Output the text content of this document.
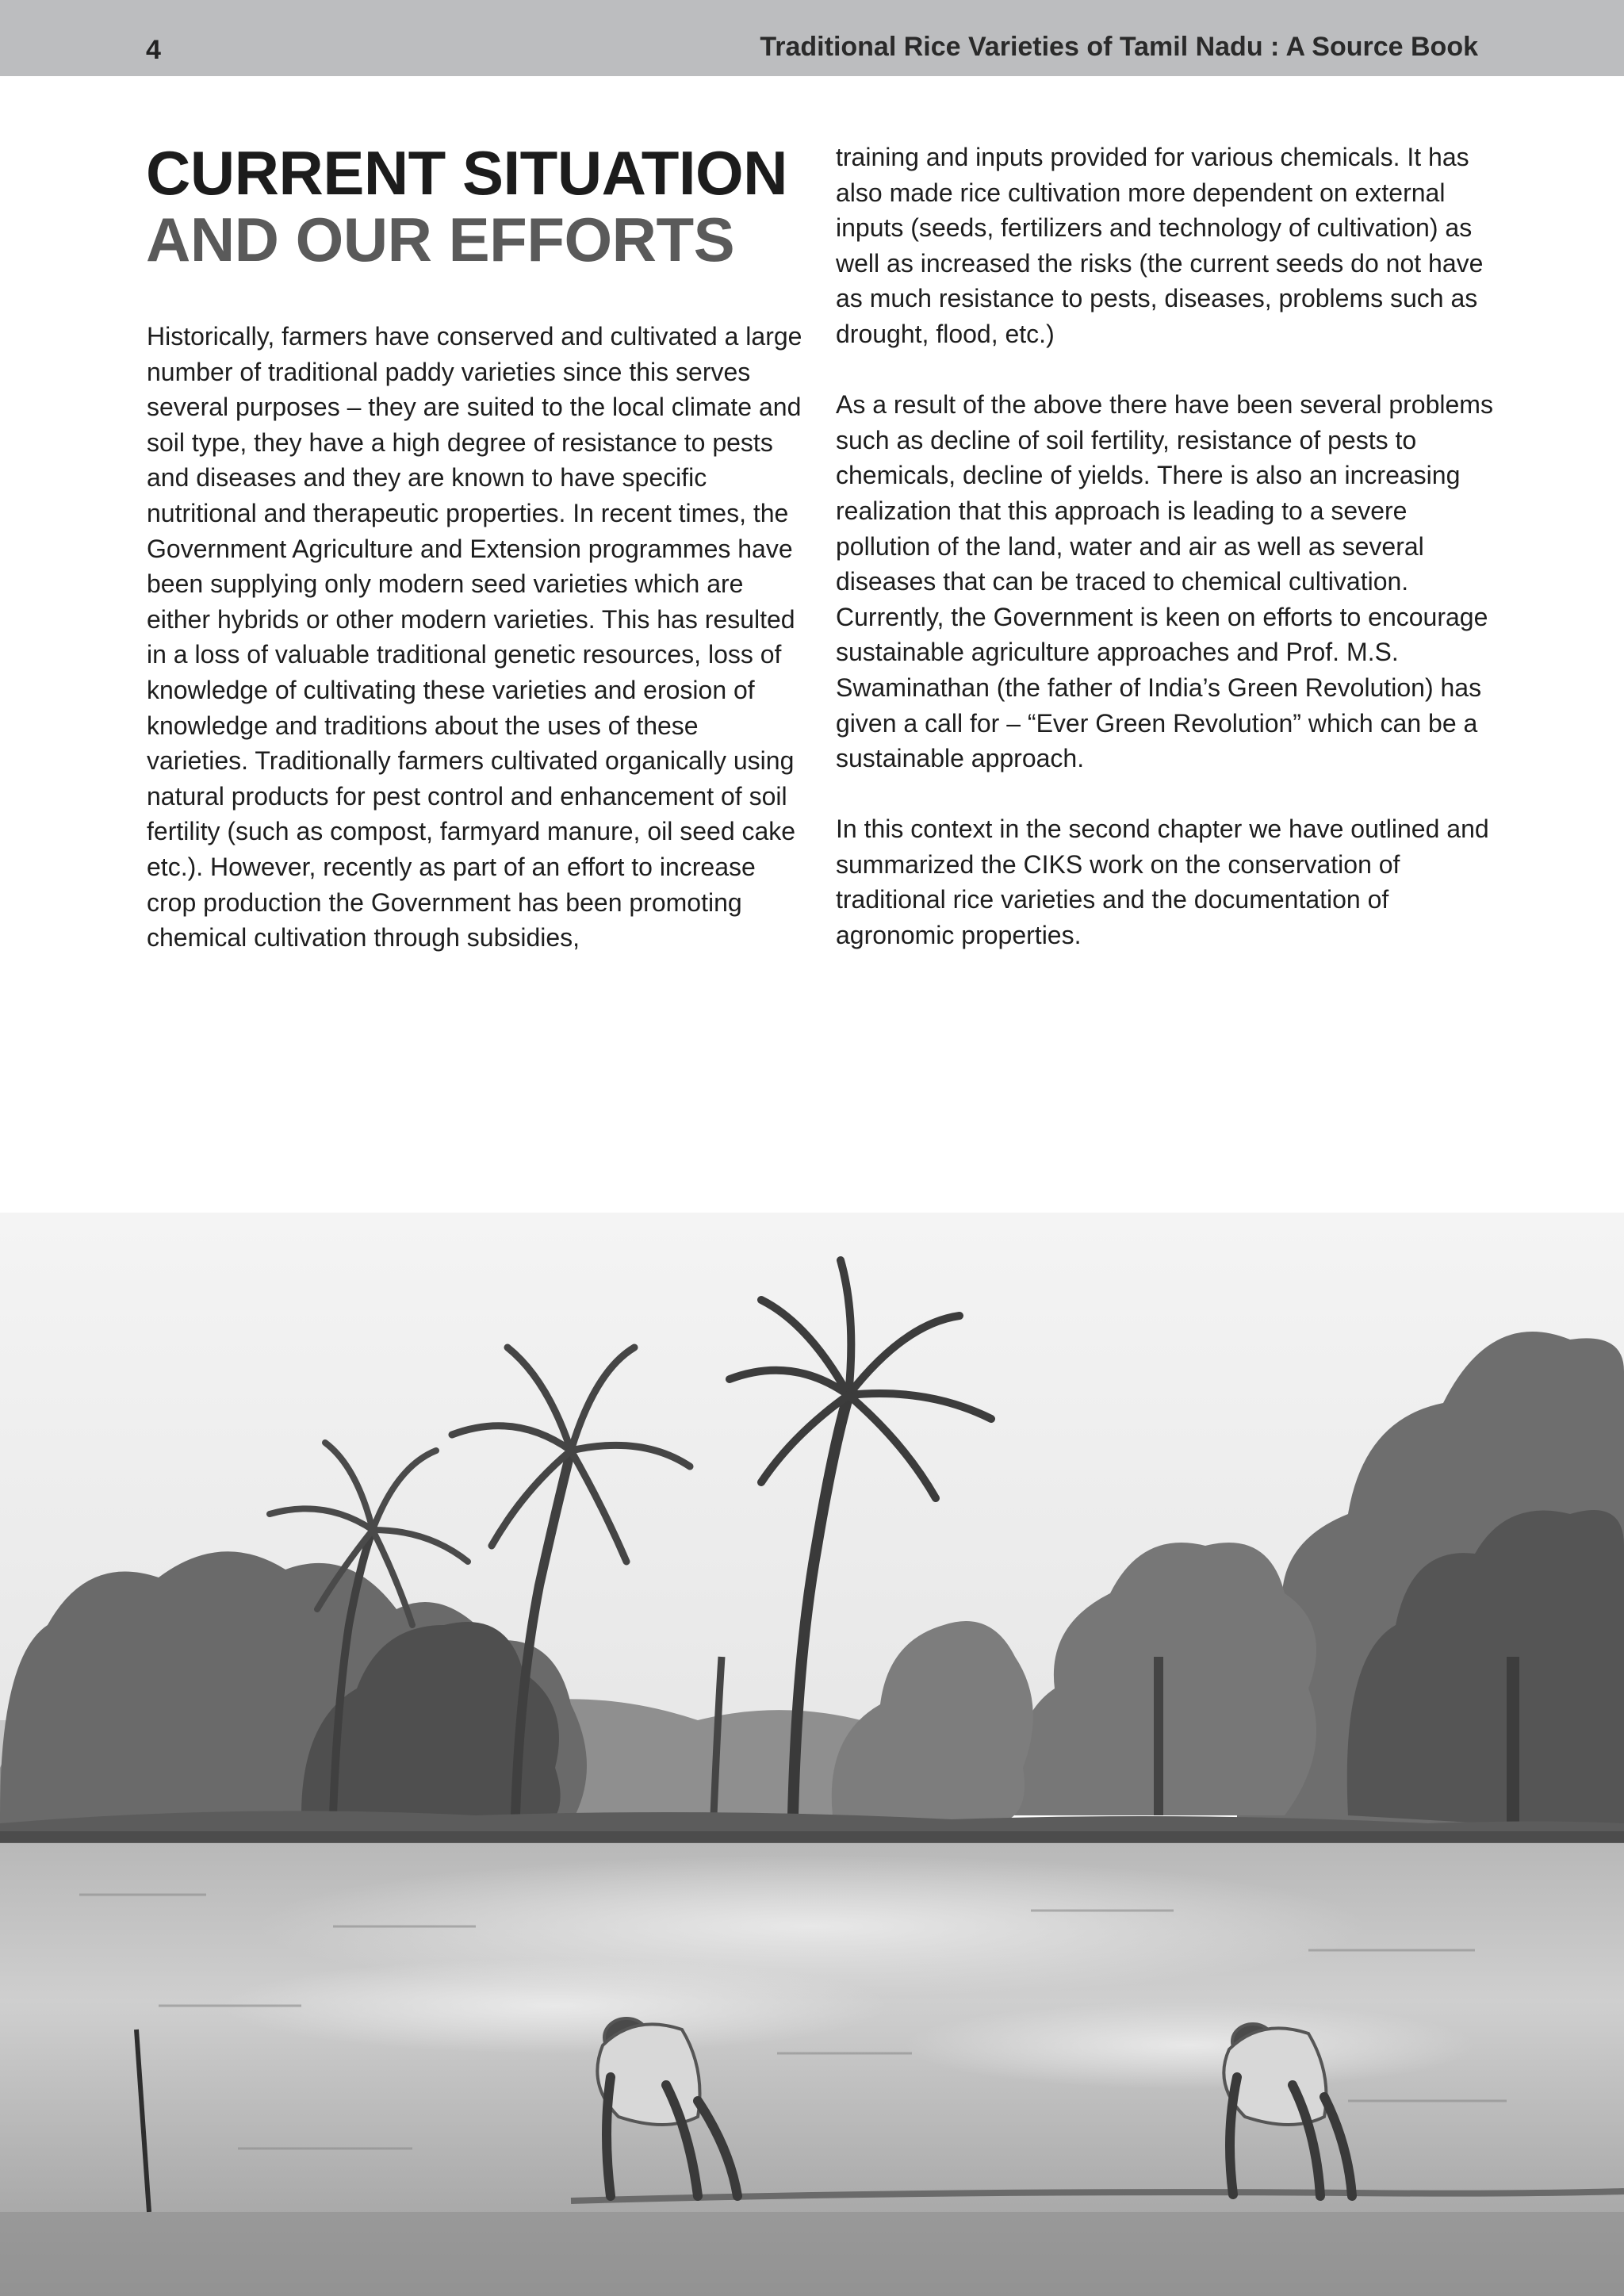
4	Traditional Rice Varieties of Tamil Nadu : A Source Book
CURRENT SITUATION
AND OUR EFFORTS

Historically, farmers have conserved and cultivated a large number of traditional paddy varieties since this serves several purposes – they are suited to the local climate and soil type, they have a high degree of resistance to pests and diseases and they are known to have specific nutritional and therapeutic properties. In recent times, the Government Agriculture and Extension programmes have been supplying only modern seed varieties which are either hybrids or other modern varieties. This has resulted in a loss of valuable traditional genetic resources, loss of knowledge of cultivating these varieties and erosion of knowledge and traditions about the uses of these varieties. Traditionally farmers cultivated organically using natural products for pest control and enhancement of soil fertility (such as compost, farmyard manure, oil seed cake etc.). However, recently as part of an effort to increase crop production the Government has been promoting chemical cultivation through subsidies,

training and inputs provided for various chemicals. It has also made rice cultivation more dependent on external inputs (seeds, fertilizers and technology of cultivation) as well as increased the risks (the current seeds do not have as much resistance to pests, diseases, problems such as drought, flood, etc.)

As a result of the above there have been several problems such as decline of soil fertility, resistance of pests to chemicals, decline of yields. There is also an increasing realization that this approach is leading to a severe pollution of the land, water and air as well as several diseases that can be traced to chemical cultivation. Currently, the Government is keen on efforts to encourage sustainable agriculture approaches and Prof. M.S. Swaminathan (the father of India’s Green Revolution) has given a call for – “Ever Green Revolution” which can be a sustainable approach.

In this context in the second chapter we have outlined and summarized the CIKS work on the conservation of traditional rice varieties and the documentation of agronomic properties.
